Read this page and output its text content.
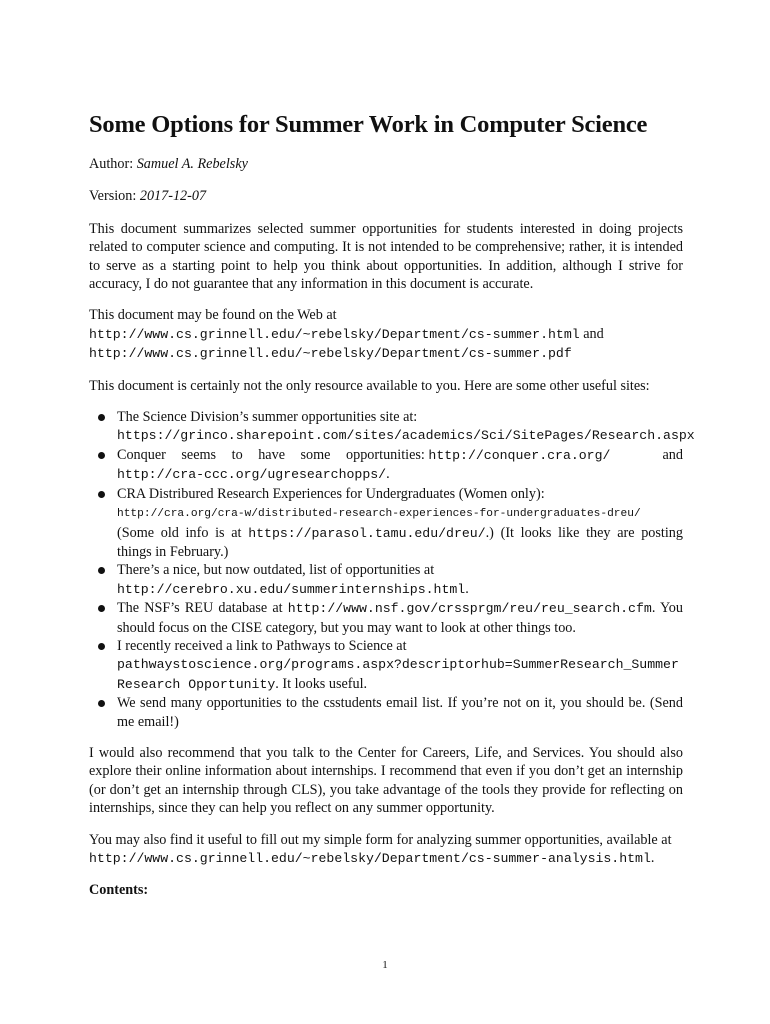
Some Options for Summer Work in Computer Science

Author: Samuel A. Rebelsky

Version: 2017-12-07

This document summarizes selected summer opportunities for students interested in doing projects related to computer science and computing. It is not intended to be comprehensive; rather, it is intended to serve as a starting point to help you think about opportunities. In addition, although I strive for accuracy, I do not guarantee that any information in this document is accurate.

This document may be found on the Web at
http://www.cs.grinnell.edu/~rebelsky/Department/cs-summer.html and
http://www.cs.grinnell.edu/~rebelsky/Department/cs-summer.pdf

This document is certainly not the only resource available to you. Here are some other useful sites:

The Science Division’s summer opportunities site at:
https://grinco.sharepoint.com/sites/academics/Sci/SitePages/Research.aspx
Conquer seems to have some opportunities: http://conquer.cra.org/	and

http://cra-ccc.org/ugresearchopps/.
CRA Distribured Research Experiences for Undergraduates (Women only):
http://cra.org/cra-w/distributed-research-experiences-for-undergraduates-dreu/
(Some old info is at https://parasol.tamu.edu/dreu/.) (It looks like they are posting things in February.)
There’s a nice, but now outdated, list of opportunities at
http://cerebro.xu.edu/summerinternships.html.
The NSF’s REU database at http://www.nsf.gov/crssprgm/reu/reu_search.cfm. You should focus on the CISE category, but you may want to look at other things too.
I recently received a link to Pathways to Science at
pathwaystoscience.org/programs.aspx?descriptorhub=SummerResearch_Summer Research Opportunity. It looks useful.
We send many opportunities to the csstudents email list. If you’re not on it, you should be. (Send me email!)

I would also recommend that you talk to the Center for Careers, Life, and Services. You should also explore their online information about internships. I recommend that even if you don’t get an internship (or don’t get an internship through CLS), you take advantage of the tools they provide for reflecting on internships, since they can help you reflect on any summer opportunity.

You may also find it useful to fill out my simple form for analyzing summer opportunities, available at
http://www.cs.grinnell.edu/~rebelsky/Department/cs-summer-analysis.html.

Contents:

1
